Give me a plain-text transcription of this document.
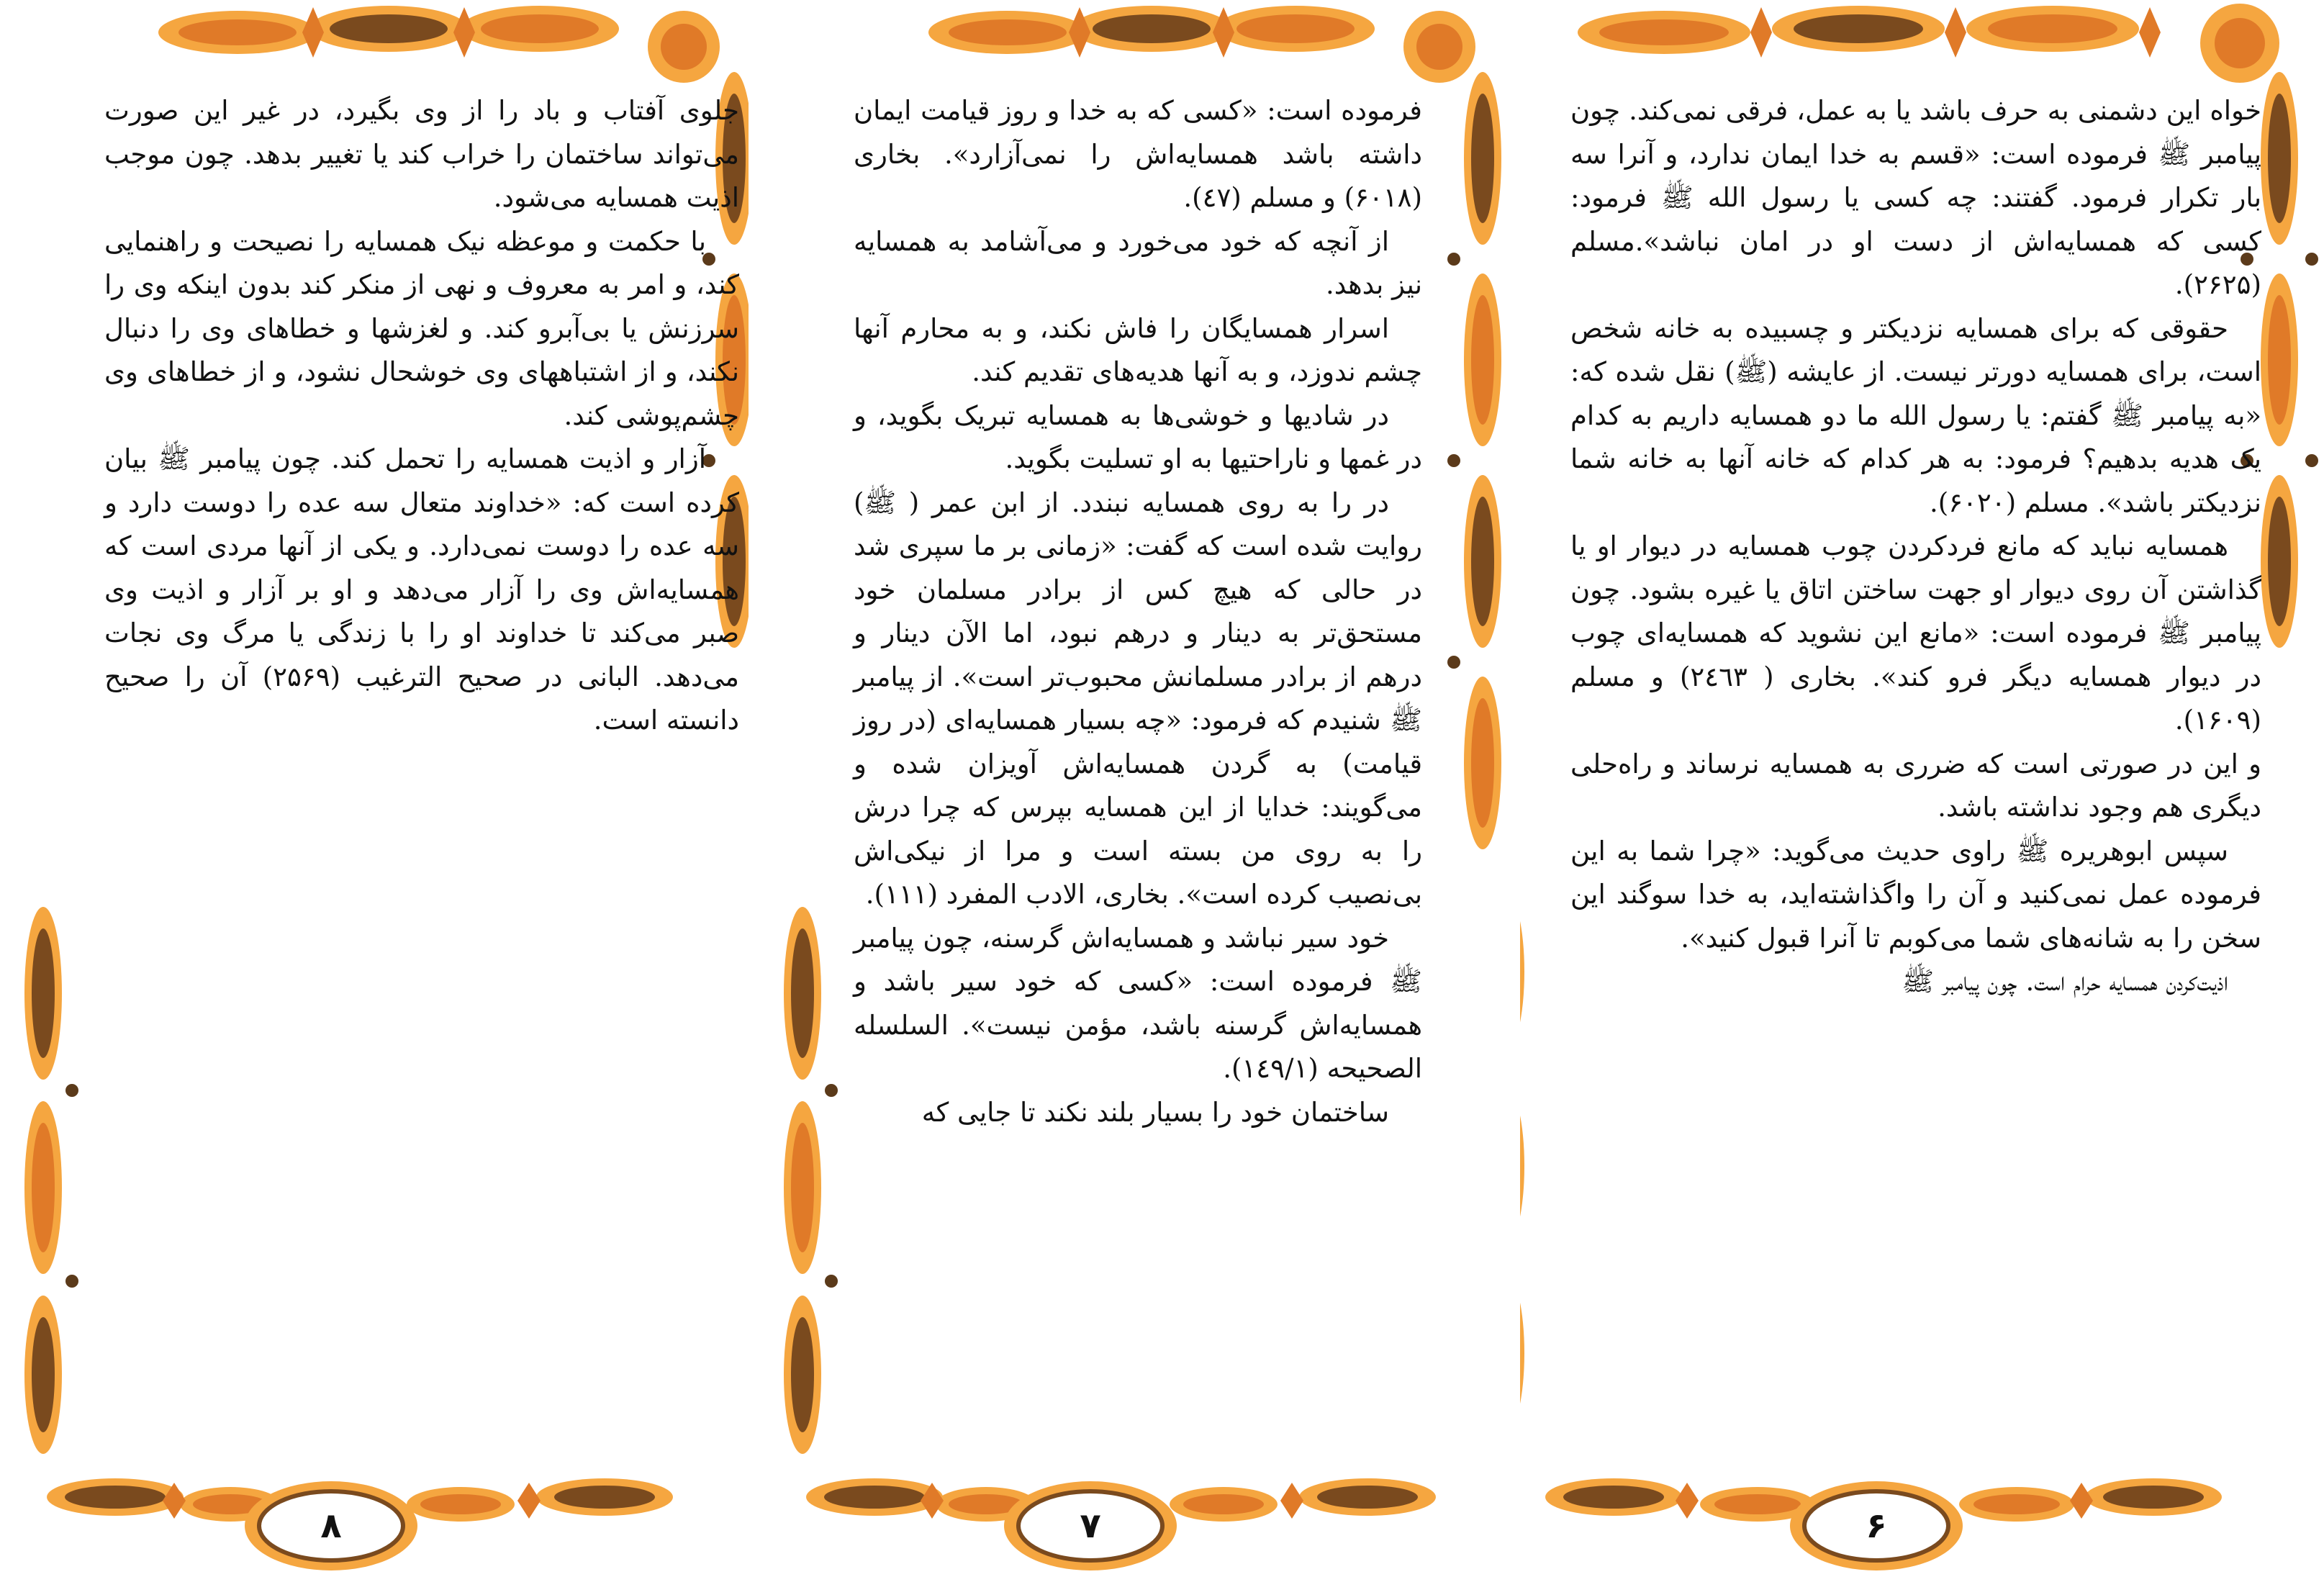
خواه این دشمنی به حرف باشد یا به عمل، فرقی نمی‌کند. چون پیامبر ﷺ فرموده است: «قسم به خدا ایمان ندارد، و آنرا سه بار تکرار فرمود. گفتند: چه کسی یا رسول الله ﷺ فرمود: کسی که همسایه‌اش از دست او در امان نباشد».مسلم (۲۶۲۵).

حقوقی که برای همسایه نزدیکتر و چسبیده به خانه شخص است، برای همسایه دورتر نیست. از عایشه (ﷺ) نقل شده که: «به پیامبر ﷺ گفتم: یا رسول الله ما دو همسایه داریم به کدام یک هدیه بدهیم؟ فرمود: به هر کدام که خانه آنها به خانه شما نزدیکتر باشد». مسلم (۶۰۲۰).

همسایه نباید که مانع فردکردن چوب همسایه در دیوار او یا گذاشتن آن روی دیوار او جهت ساختن اتاق یا غیره بشود. چون پیامبر ﷺ فرموده است: «مانع این نشوید که همسایه‌ای چوب در دیوار همسایه دیگر فرو کند». بخاری ( ۲٤٦۳) و مسلم (۱۶۰۹).

و این در صورتی است که ضرری به همسایه نرساند و راه‌حلی دیگری هم وجود نداشته باشد.

سپس ابوهریره ﷺ راوی حدیث می‌گوید: «چرا شما به این فرموده عمل نمی‌کنید و آن را واگذاشته‌اید، به خدا سوگند این سخن را به شانه‌های شما می‌کوبم تا آنرا قبول کنید».

اذیت‌کردن همسایه حرام است. چون پیامبر ﷺ

۶

فرموده است: «کسی که به خدا و روز قیامت ایمان داشته باشد همسایه‌اش را نمی‌آزارد». بخاری (۶۰۱۸) و مسلم (٤۷).

از آنچه که خود می‌خورد و می‌آشامد به همسایه نیز بدهد.

اسرار همسایگان را فاش نکند، و به محارم آنها چشم ندوزد، و به آنها هدیه‌های تقدیم کند.

در شادیها و خوشی‌ها به همسایه تبریک بگوید، و در غمها و ناراحتیها به او تسلیت بگوید.

در را به روی همسایه نبندد. از ابن عمر ( ﷺ) روایت شده است که گفت: «زمانی بر ما سپری شد در حالی که هیچ کس از برادر مسلمان خود مستحق‌تر به دینار و درهم نبود، اما الآن دینار و درهم از برادر مسلمانش محبوب‌تر است». از پیامبر ﷺ شنیدم که فرمود: «چه بسیار همسایه‌ای (در روز قیامت) به گردن همسایه‌اش آویزان شده و می‌گویند: خدایا از این همسایه بپرس که چرا درش را به روی من بسته است و مرا از نیکی‌اش بی‌نصیب کرده است». بخاری، الادب المفرد (۱۱۱).

خود سیر نباشد و همسایه‌اش گرسنه، چون پیامبر ﷺ فرموده است: «کسی که خود سیر باشد و همسایه‌اش گرسنه باشد، مؤمن نیست». السلسله الصحیحه (۱٤۹/۱).

ساختمان خود را بسیار بلند نکند تا جایی که

۷

جلوی آفتاب و باد را از وی بگیرد، در غیر این صورت می‌تواند ساختمان را خراب کند یا تغییر بدهد. چون موجب اذیت همسایه می‌شود.

با حکمت و موعظه نیک همسایه را نصیحت و راهنمایی کند، و امر به معروف و نهی از منکر کند بدون اینکه وی را سرزنش یا بی‌آبرو کند. و لغزشها و خطاهای وی را دنبال نکند، و از اشتباههای وی خوشحال نشود، و از خطاهای وی چشم‌پوشی کند.

آزار و اذیت همسایه را تحمل کند. چون پیامبر ﷺ بیان کرده است که: «خداوند متعال سه عده را دوست دارد و سه عده را دوست نمی‌دارد. و یکی از آنها مردی است که همسایه‌اش وی را آزار می‌دهد و او بر آزار و اذیت وی صبر می‌کند تا خداوند او را با زندگی یا مرگ وی نجات می‌دهد. البانی در صحیح الترغیب (۲۵۶۹) آن را صحیح دانسته است.

۸
